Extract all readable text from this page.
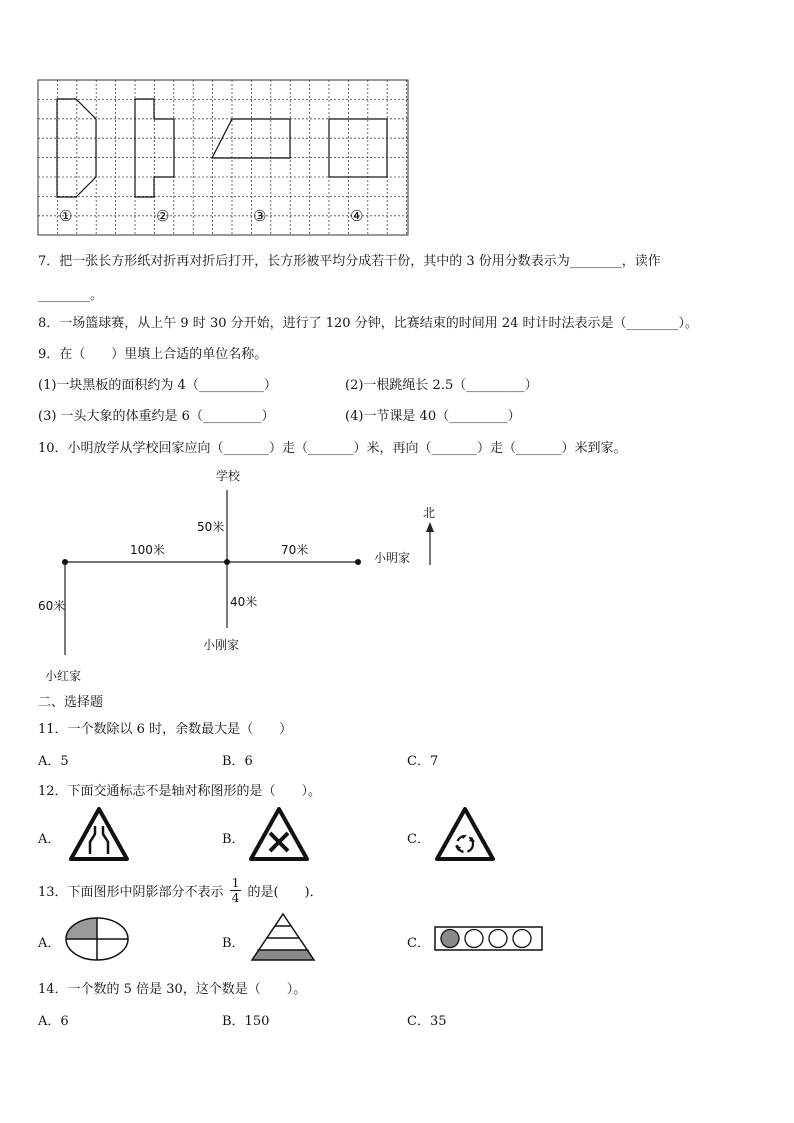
①	②	③	④
7．把一张长方形纸对折再对折后打开，长方形被平均分成若干份，其中的 3 份用分数表示为________，读作
________。
8．一场篮球赛，从上午 9 时 30 分开始，进行了 120 分钟，比赛结束的时间用 24 时计时法表示是（________）。
9．在（　　）里填上合适的单位名称。
(1)一块黑板的面积约为 4（__________）	(2)一根跳绳长 2.5（_________）
(3) 一头大象的体重约是 6（_________）	(4)一节课是 40（_________）
10．小明放学从学校回家应向（_______）走（_______）米，再向（_______）走（_______）米到家。
学校
北
50米
100米	70米
小明家
60米	40米
小刚家
小红家
二、选择题
11．一个数除以 6 时，余数最大是（　　）
A．5	B．6	C．7
12．下面交通标志不是轴对称图形的是（　　）。
A．	B．	C．
13．下面图形中阴影部分不表示 $\frac{1}{4}$ 的是(　　)．
A．	B．	C．
14．一个数的 5 倍是 30，这个数是（　　）。
A．6	B．150	C．35
